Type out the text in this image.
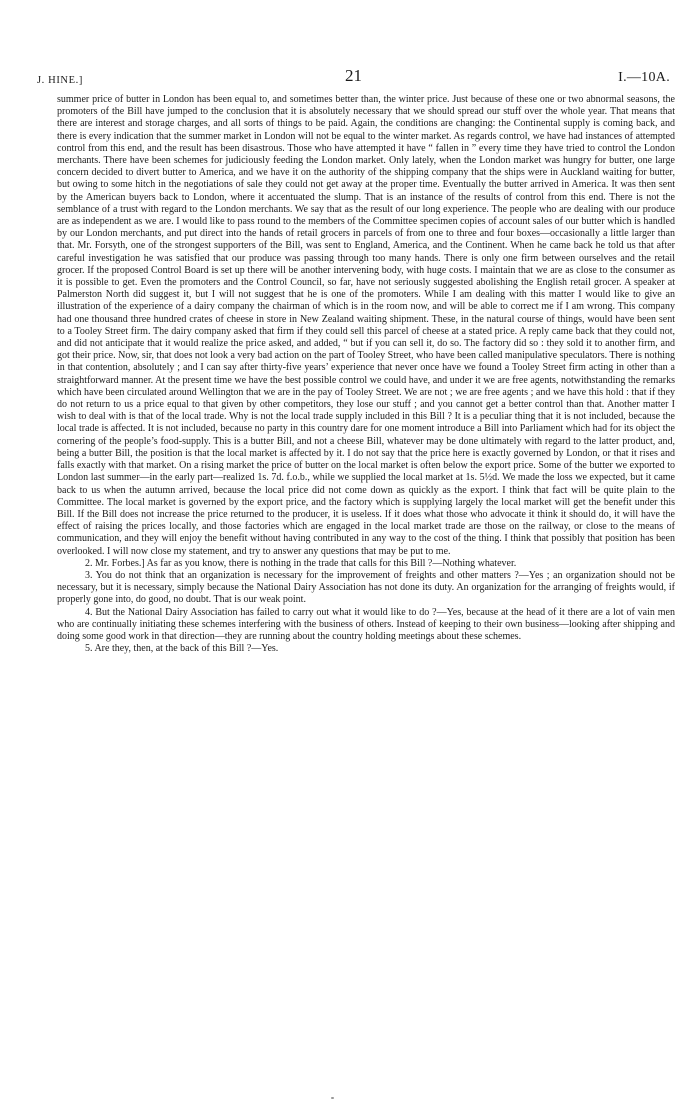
J. HINE.]	21	I.—10A.

summer price of butter in London has been equal to, and sometimes better than, the winter price. Just because of these one or two abnormal seasons, the promoters of the Bill have jumped to the conclusion that it is absolutely necessary that we should spread our stuff over the whole year. That means that there are interest and storage charges, and all sorts of things to be paid. Again, the conditions are changing: the Continental supply is coming back, and there is every indication that the summer market in London will not be equal to the winter market. As regards control, we have had instances of attempted control from this end, and the result has been disastrous. Those who have attempted it have “ fallen in ” every time they have tried to control the London merchants. There have been schemes for judiciously feeding the London market. Only lately, when the London market was hungry for butter, one large concern decided to divert butter to America, and we have it on the authority of the shipping company that the ships were in Auckland waiting for butter, but owing to some hitch in the negotiations of sale they could not get away at the proper time. Eventually the butter arrived in America. It was then sent by the American buyers back to London, where it accentuated the slump. That is an instance of the results of control from this end. There is not the semblance of a trust with regard to the London merchants. We say that as the result of our long experience. The people who are dealing with our produce are as independent as we are. I would like to pass round to the members of the Committee specimen copies of account sales of our butter which is handled by our London merchants, and put direct into the hands of retail grocers in parcels of from one to three and four boxes—occasionally a little larger than that. Mr. Forsyth, one of the strongest supporters of the Bill, was sent to England, America, and the Continent. When he came back he told us that after careful investigation he was satisfied that our produce was passing through too many hands. There is only one firm between ourselves and the retail grocer. If the proposed Control Board is set up there will be another intervening body, with huge costs. I maintain that we are as close to the consumer as it is possible to get. Even the promoters and the Control Council, so far, have not seriously suggested abolishing the English retail grocer. A speaker at Palmerston North did suggest it, but I will not suggest that he is one of the promoters. While I am dealing with this matter I would like to give an illustration of the experience of a dairy company the chairman of which is in the room now, and will be able to correct me if I am wrong. This company had one thousand three hundred crates of cheese in store in New Zealand waiting shipment. These, in the natural course of things, would have been sent to a Tooley Street firm. The dairy company asked that firm if they could sell this parcel of cheese at a stated price. A reply came back that they could not, and did not anticipate that it would realize the price asked, and added, “ but if you can sell it, do so. The factory did so : they sold it to another firm, and got their price. Now, sir, that does not look a very bad action on the part of Tooley Street, who have been called manipulative speculators. There is nothing in that contention, absolutely ; and I can say after thirty-five years’ experience that never once have we found a Tooley Street firm acting in other than a straightforward manner. At the present time we have the best possible control we could have, and under it we are free agents, notwithstanding the remarks which have been circulated around Wellington that we are in the pay of Tooley Street. We are not ; we are free agents ; and we have this hold : that if they do not return to us a price equal to that given by other competitors, they lose our stuff ; and you cannot get a better control than that. Another matter I wish to deal with is that of the local trade. Why is not the local trade supply included in this Bill ? It is a peculiar thing that it is not included, because the local trade is affected. It is not included, because no party in this country dare for one moment introduce a Bill into Parliament which had for its object the cornering of the people’s food-supply. This is a butter Bill, and not a cheese Bill, whatever may be done ultimately with regard to the latter product, and, being a butter Bill, the position is that the local market is affected by it. I do not say that the price here is exactly governed by London, or that it rises and falls exactly with that market. On a rising market the price of butter on the local market is often below the export price. Some of the butter we exported to London last summer—in the early part—realized 1s. 7d. f.o.b., while we supplied the local market at 1s. 5½d. We made the loss we expected, but it came back to us when the autumn arrived, because the local price did not come down as quickly as the export. I think that fact will be quite plain to the Committee. The local market is governed by the export price, and the factory which is supplying largely the local market will get the benefit under this Bill. If the Bill does not increase the price returned to the producer, it is useless. If it does what those who advocate it think it should do, it will have the effect of raising the prices locally, and those factories which are engaged in the local market trade are those on the railway, or close to the means of communication, and they will enjoy the benefit without having contributed in any way to the cost of the thing. I think that possibly that position has been overlooked. I will now close my statement, and try to answer any questions that may be put to me.

2. Mr. Forbes.] As far as you know, there is nothing in the trade that calls for this Bill ?—Nothing whatever.

3. You do not think that an organization is necessary for the improvement of freights and other matters ?—Yes ; an organization should not be necessary, but it is necessary, simply because the National Dairy Association has not done its duty. An organization for the arranging of freights would, if properly gone into, do good, no doubt. That is our weak point.

4. But the National Dairy Association has failed to carry out what it would like to do ?—Yes, because at the head of it there are a lot of vain men who are continually initiating these schemes interfering with the business of others. Instead of keeping to their own business—looking after shipping and doing some good work in that direction—they are running about the country holding meetings about these schemes.

5. Are they, then, at the back of this Bill ?—Yes.
